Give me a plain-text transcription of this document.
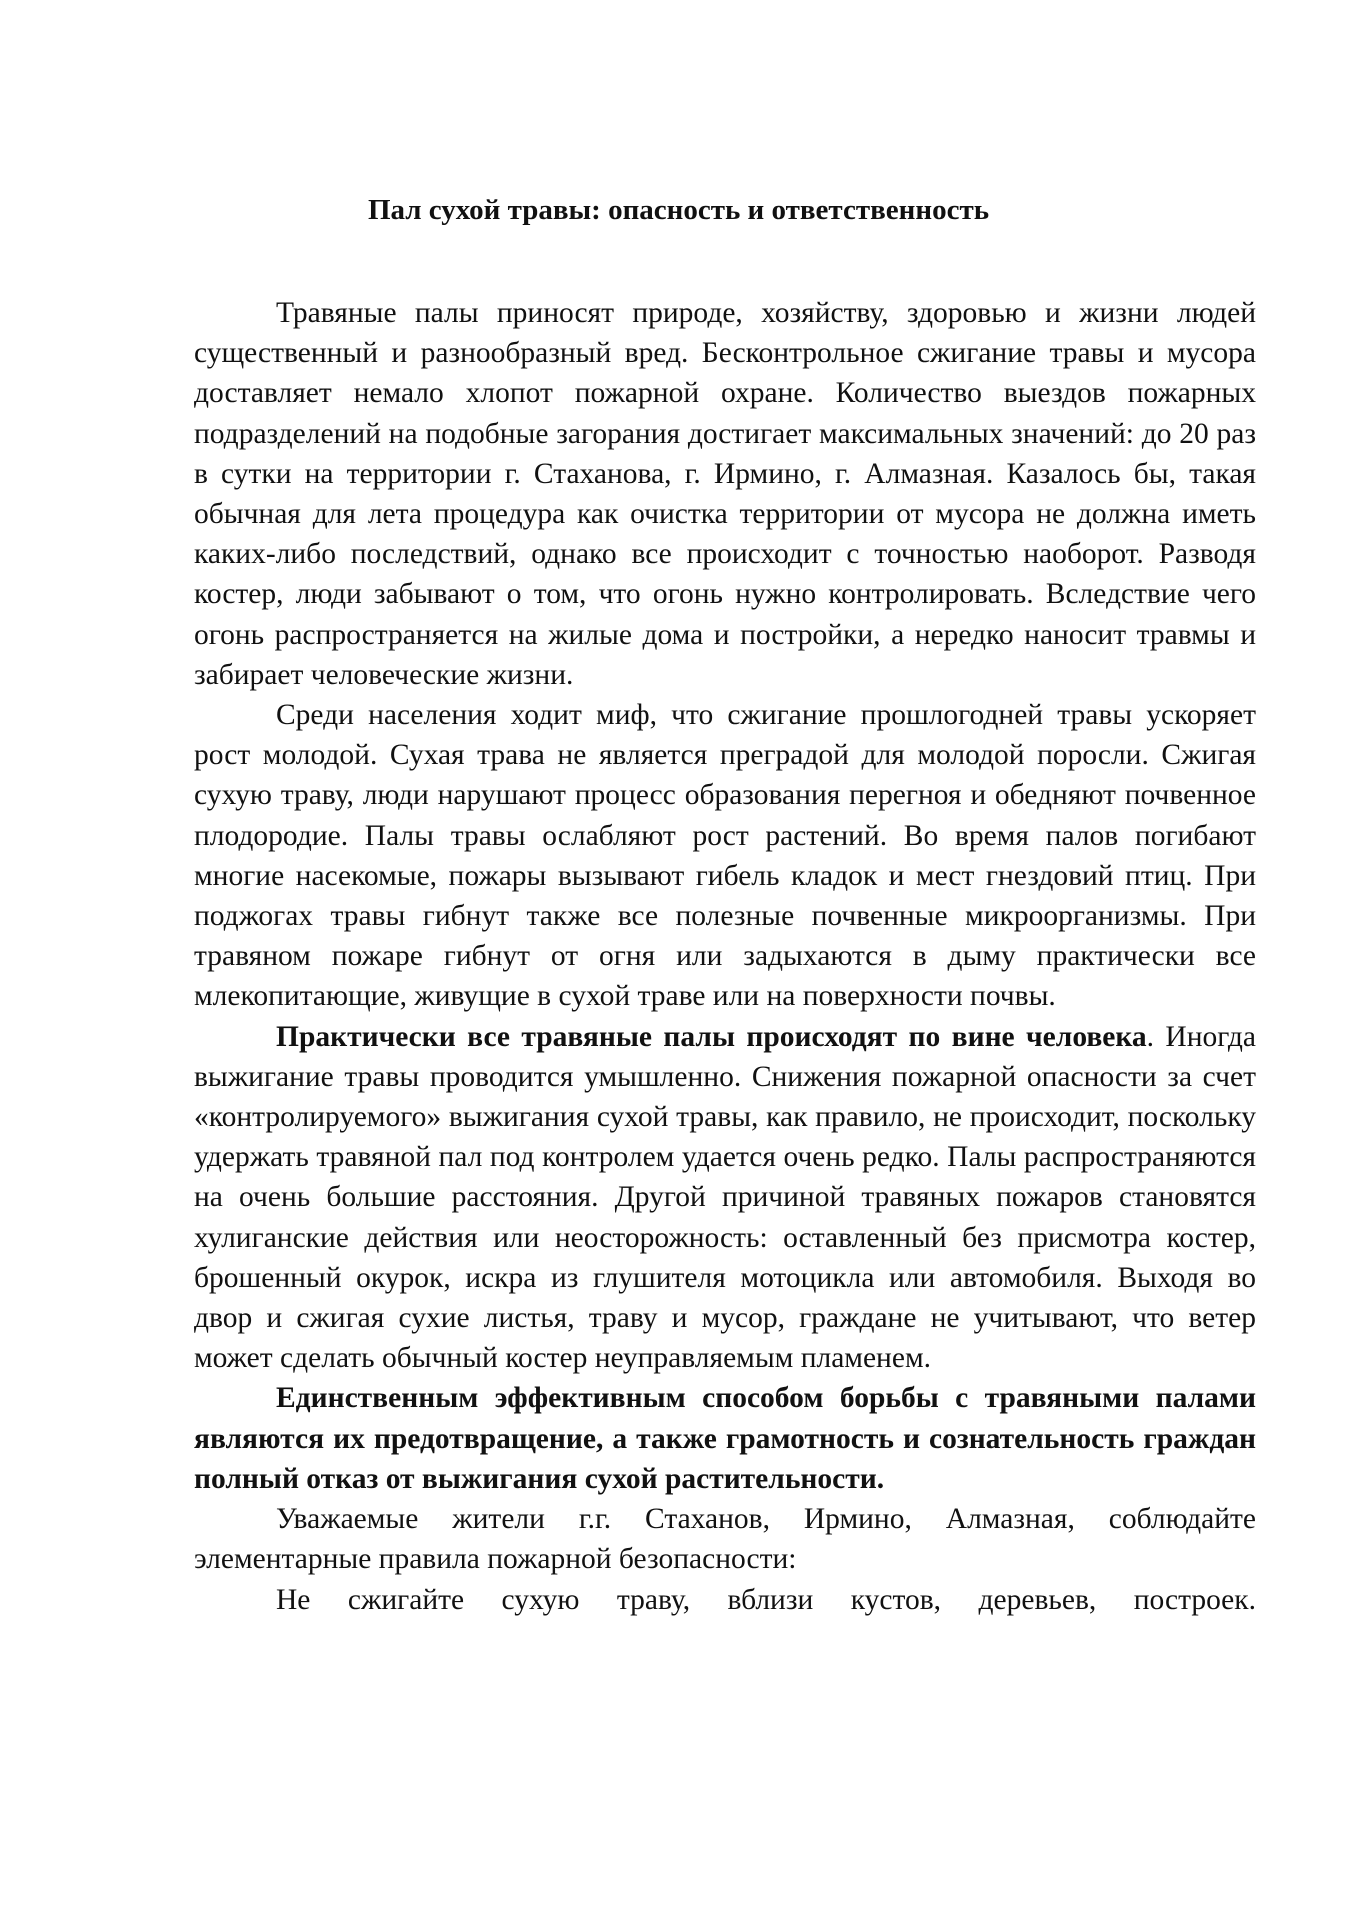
Пал сухой травы: опасность и ответственность

Травяные палы приносят природе, хозяйству, здоровью и жизни людей существенный и разнообразный вред. Бесконтрольное сжигание травы и мусора доставляет немало хлопот пожарной охране. Количество выездов пожарных подразделений на подобные загорания достигает максимальных значений: до 20 раз в сутки на территории г. Стаханова, г. Ирмино, г. Алмазная. Казалось бы, такая обычная для лета процедура как очистка территории от мусора не должна иметь каких-либо последствий, однако все происходит с точностью наоборот. Разводя костер, люди забывают о том, что огонь нужно контролировать. Вследствие чего огонь распространяется на жилые дома и постройки, а нередко наносит травмы и забирает человеческие жизни.

Среди населения ходит миф, что сжигание прошлогодней травы ускоряет рост молодой. Сухая трава не является преградой для молодой поросли. Сжигая сухую траву, люди нарушают процесс образования перегноя и обедняют почвенное плодородие. Палы травы ослабляют рост растений. Во время палов погибают многие насекомые, пожары вызывают гибель кладок и мест гнездовий птиц. При поджогах травы гибнут также все полезные почвенные микроорганизмы. При травяном пожаре гибнут от огня или задыхаются в дыму практически все млекопитающие, живущие в сухой траве или на поверхности почвы.

Практически все травяные палы происходят по вине человека. Иногда выжигание травы проводится умышленно. Снижения пожарной опасности за счет «контролируемого» выжигания сухой травы, как правило, не происходит, поскольку удержать травяной пал под контролем удается очень редко. Палы распространяются на очень большие расстояния. Другой причиной травяных пожаров становятся хулиганские действия или неосторожность: оставленный без присмотра костер, брошенный окурок, искра из глушителя мотоцикла или автомобиля. Выходя во двор и сжигая сухие листья, траву и мусор, граждане не учитывают, что ветер может сделать обычный костер неуправляемым пламенем.

Единственным эффективным способом борьбы с травяными палами являются их предотвращение, а также грамотность и сознательность граждан полный отказ от выжигания сухой растительности.

Уважаемые жители г.г. Стаханов, Ирмино, Алмазная, соблюдайте элементарные правила пожарной безопасности:

Не сжигайте сухую траву, вблизи кустов, деревьев, построек.
